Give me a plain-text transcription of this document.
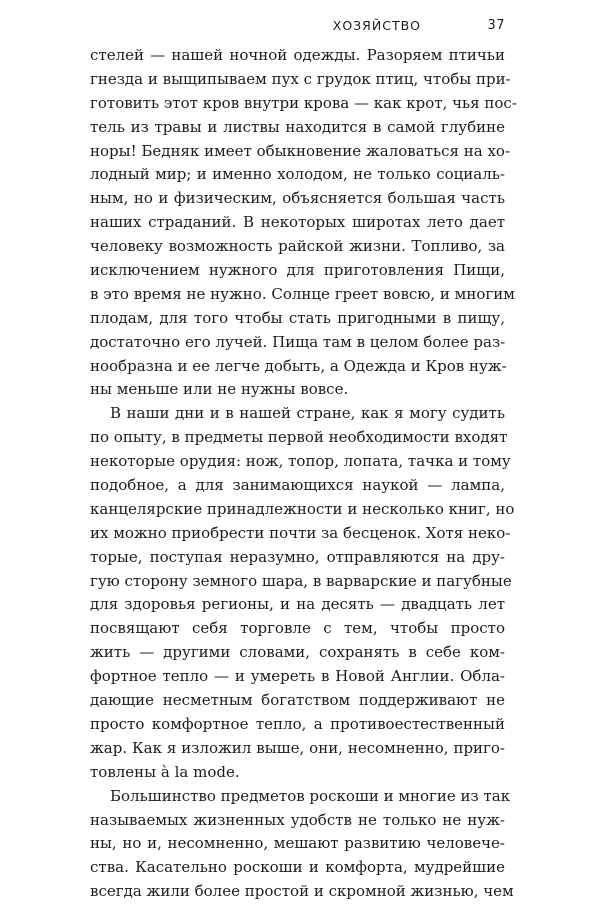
ХОЗЯЙСТВО	37
стелей — нашей ночной одежды. Разоряем птичьи
гнезда и выщипываем пух с грудок птиц, чтобы при-
готовить этот кров внутри крова — как крот, чья пос-
тель из травы и листвы находится в самой глубине
норы! Бедняк имеет обыкновение жаловаться на хо-
лодный мир; и именно холодом, не только социаль-
ным, но и физическим, объясняется большая часть
наших страданий. В некоторых широтах лето дает
человеку возможность райской жизни. Топливо, за
исключением нужного для приготовления Пищи,
в это время не нужно. Солнце греет вовсю, и многим
плодам, для того чтобы стать пригодными в пищу,
достаточно его лучей. Пища там в целом более раз-
нообразна и ее легче добыть, а Одежда и Кров нуж-
ны меньше или не нужны вовсе.
В наши дни и в нашей стране, как я могу судить
по опыту, в предметы первой необходимости входят
некоторые орудия: нож, топор, лопата, тачка и тому
подобное, а для занимающихся наукой — лампа,
канцелярские принадлежности и несколько книг, но
их можно приобрести почти за бесценок. Хотя неко-
торые, поступая неразумно, отправляются на дру-
гую сторону земного шара, в варварские и пагубные
для здоровья регионы, и на десять — двадцать лет
посвящают себя торговле с тем, чтобы просто
жить — другими словами, сохранять в себе ком-
фортное тепло — и умереть в Новой Англии. Обла-
дающие несметным богатством поддерживают не
просто комфортное тепло, а противоестественный
жар. Как я изложил выше, они, несомненно, приго-
товлены à la mode.
Большинство предметов роскоши и многие из так
называемых жизненных удобств не только не нуж-
ны, но и, несомненно, мешают развитию человече-
ства. Касательно роскоши и комфорта, мудрейшие
всегда жили более простой и скромной жизнью, чем
